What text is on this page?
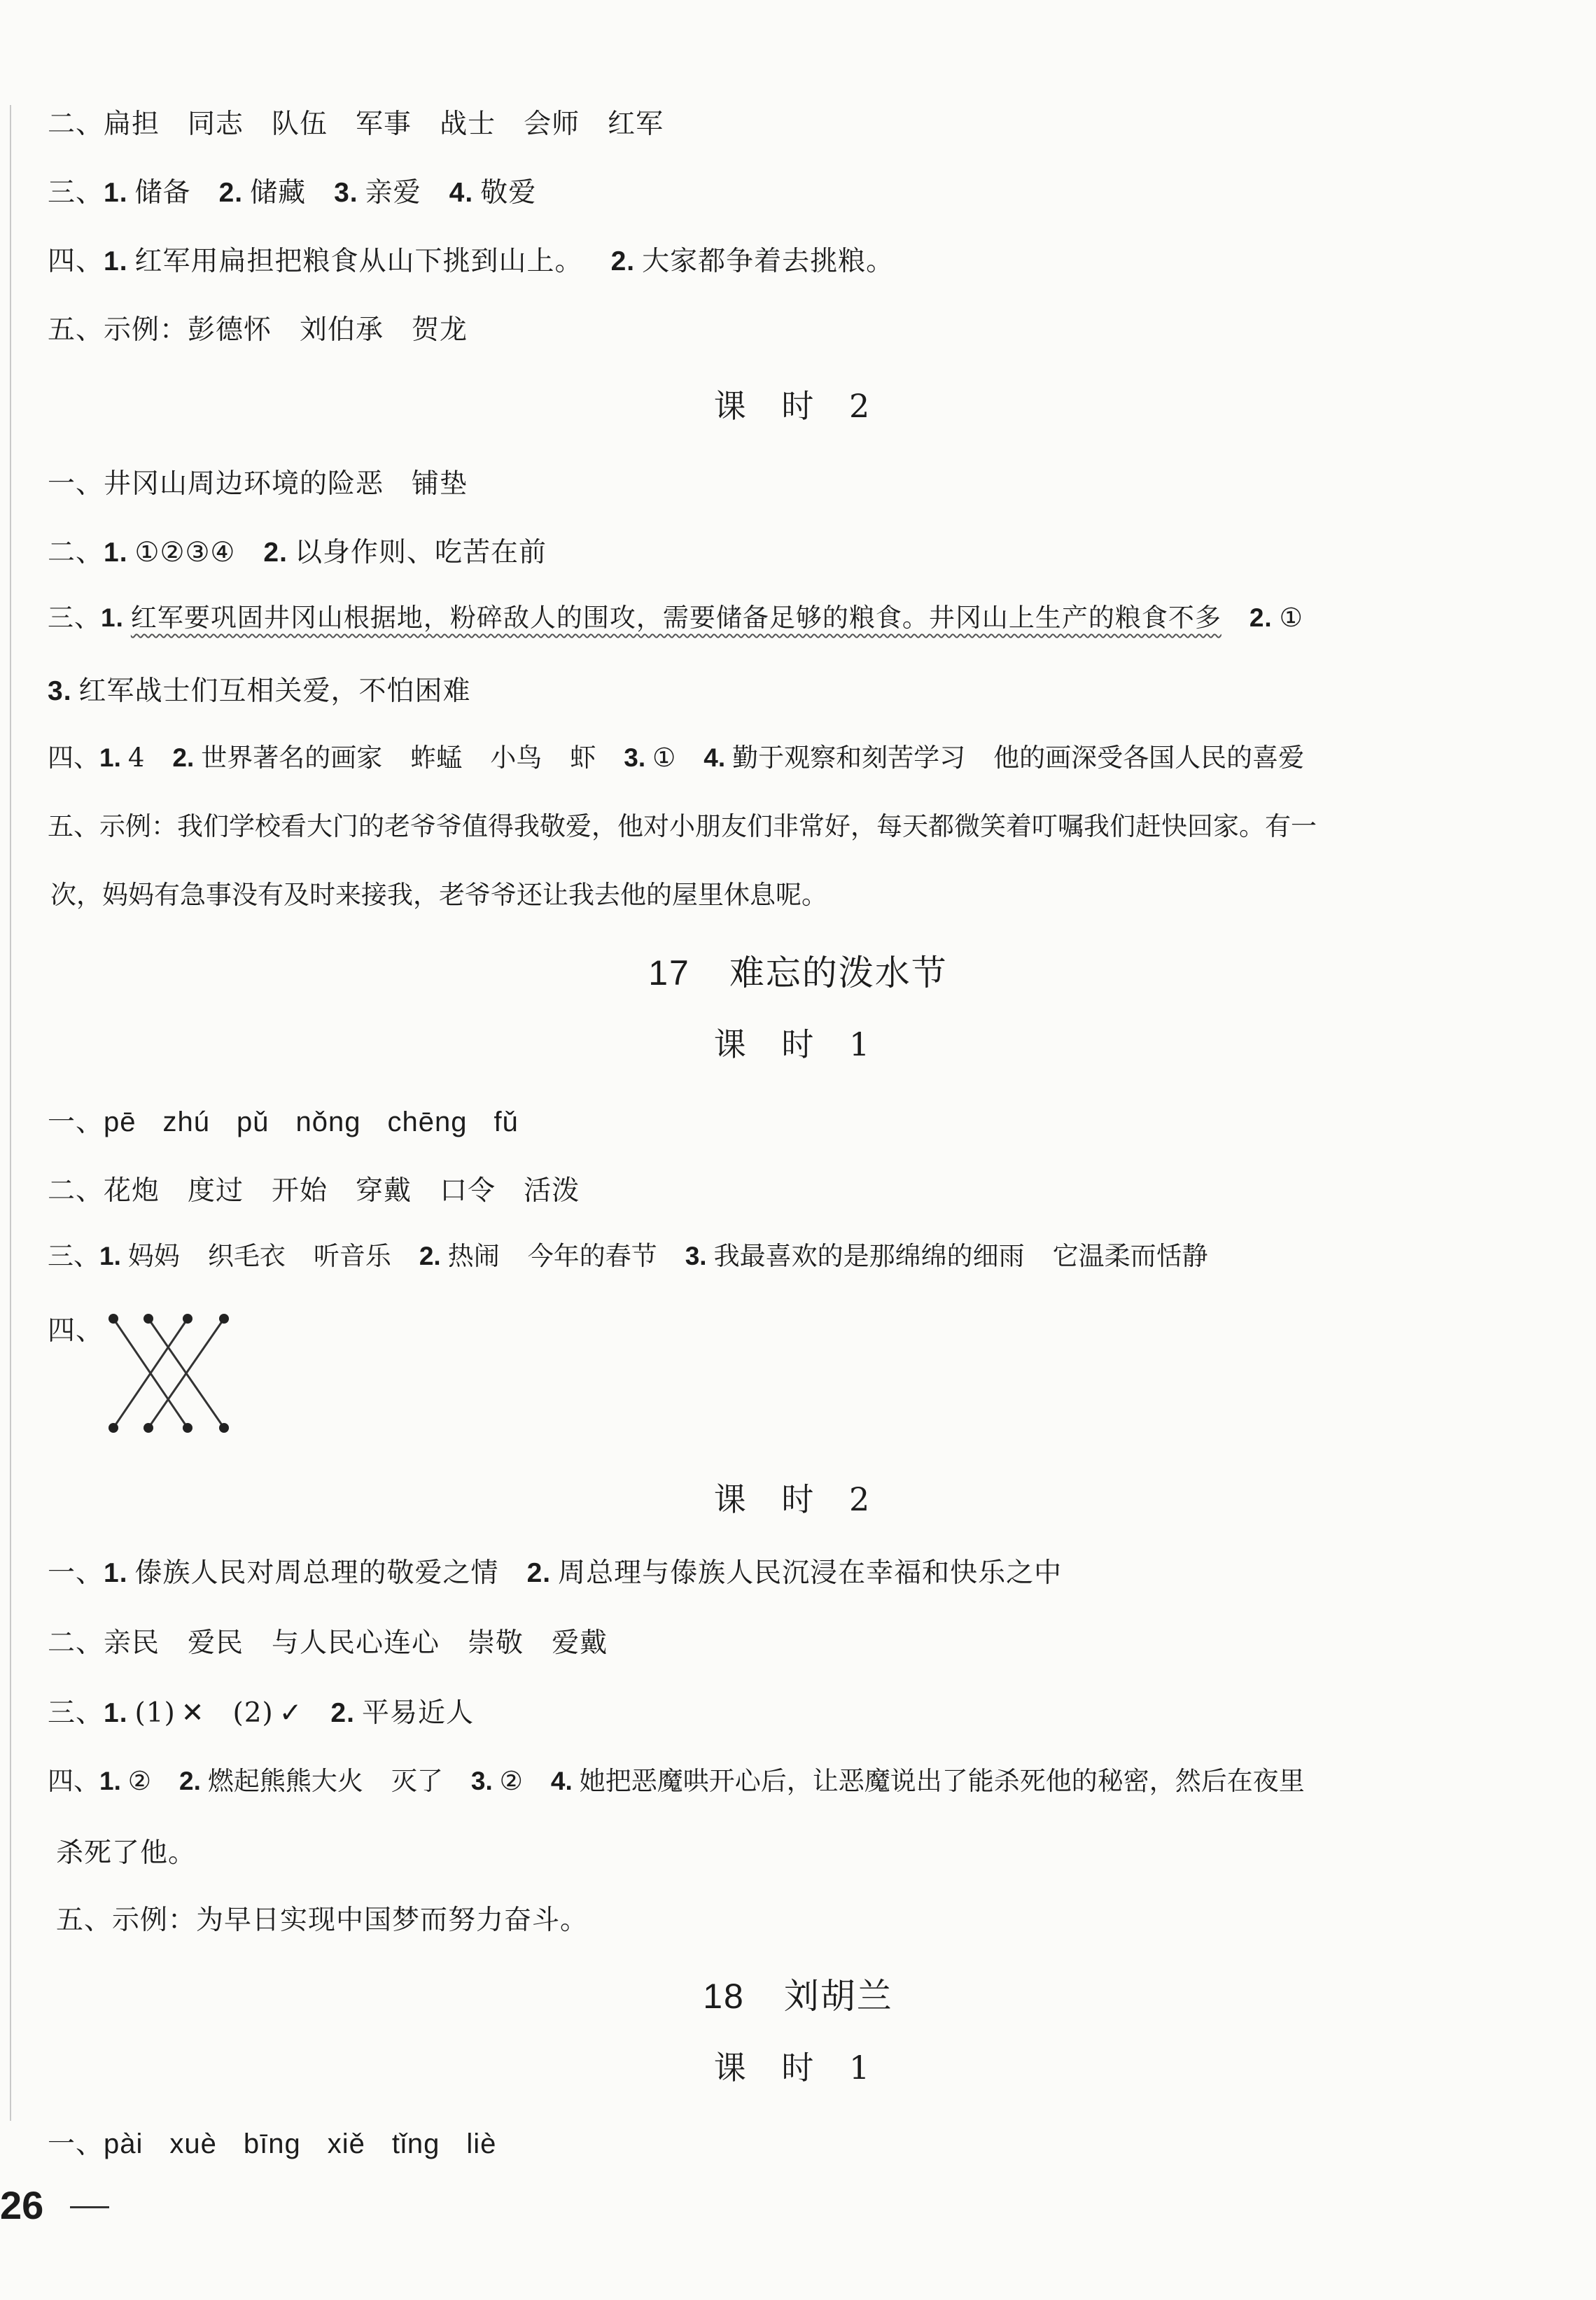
二、扁担 同志 队伍 军事 战士 会师 红军
三、1. 储备 2. 储藏 3. 亲爱 4. 敬爱
四、1. 红军用扁担把粮食从山下挑到山上。 2. 大家都争着去挑粮。
五、示例：彭德怀 刘伯承 贺龙
课 时 2
一、井冈山周边环境的险恶 铺垫
二、1. ①②③④ 2. 以身作则、吃苦在前
三、1. 红军要巩固井冈山根据地，粉碎敌人的围攻，需要储备足够的粮食。井冈山上生产的粮食不多 2. ①
3. 红军战士们互相关爱，不怕困难
四、1. 4 2. 世界著名的画家 蚱蜢 小鸟 虾 3. ① 4. 勤于观察和刻苦学习 他的画深受各国人民的喜爱
五、示例：我们学校看大门的老爷爷值得我敬爱，他对小朋友们非常好，每天都微笑着叮嘱我们赶快回家。有一
次，妈妈有急事没有及时来接我，老爷爷还让我去他的屋里休息呢。
17 难忘的泼水节
课 时 1
一、pē zhú pǔ nǒng chēng fǔ
二、花炮 度过 开始 穿戴 口令 活泼
三、1. 妈妈 织毛衣 听音乐 2. 热闹 今年的春节 3. 我最喜欢的是那绵绵的细雨 它温柔而恬静
四、
课 时 2
一、1. 傣族人民对周总理的敬爱之情 2. 周总理与傣族人民沉浸在幸福和快乐之中
二、亲民 爱民 与人民心连心 崇敬 爱戴
三、1. (1) ✕ (2) ✓ 2. 平易近人
四、1. ② 2. 燃起熊熊大火 灭了 3. ② 4. 她把恶魔哄开心后，让恶魔说出了能杀死他的秘密，然后在夜里
杀死了他。
五、示例：为早日实现中国梦而努力奋斗。
18 刘胡兰
课 时 1
一、pài xuè bīng xiě tǐng liè
26
